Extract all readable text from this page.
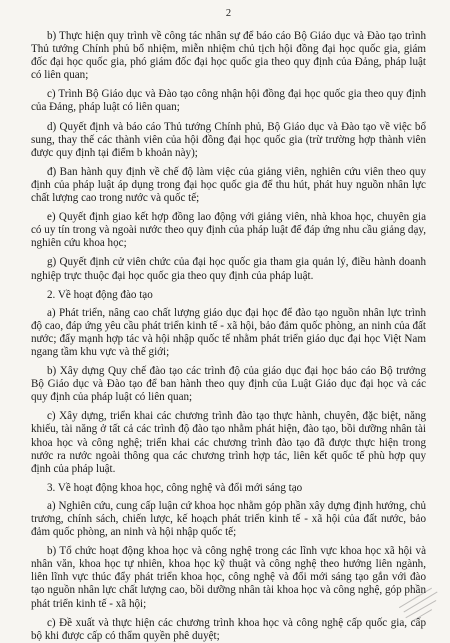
2

b) Thực hiện quy trình về công tác nhân sự để báo cáo Bộ Giáo dục và Đào tạo trình Thủ tướng Chính phủ bổ nhiệm, miễn nhiệm chủ tịch hội đồng đại học quốc gia, giám đốc đại học quốc gia, phó giám đốc đại học quốc gia theo quy định của Đảng, pháp luật có liên quan;

c) Trình Bộ Giáo dục và Đào tạo công nhận hội đồng đại học quốc gia theo quy định của Đảng, pháp luật có liên quan;

d) Quyết định và báo cáo Thủ tướng Chính phủ, Bộ Giáo dục và Đào tạo về việc bổ sung, thay thế các thành viên của hội đồng đại học quốc gia (trừ trường hợp thành viên được quy định tại điểm b khoản này);

đ) Ban hành quy định về chế độ làm việc của giảng viên, nghiên cứu viên theo quy định của pháp luật áp dụng trong đại học quốc gia để thu hút, phát huy nguồn nhân lực chất lượng cao trong nước và quốc tế;

e) Quyết định giao kết hợp đồng lao động với giảng viên, nhà khoa học, chuyên gia có uy tín trong và ngoài nước theo quy định của pháp luật để đáp ứng nhu cầu giảng dạy, nghiên cứu khoa học;

g) Quyết định cử viên chức của đại học quốc gia tham gia quản lý, điều hành doanh nghiệp trực thuộc đại học quốc gia theo quy định của pháp luật.

2. Về hoạt động đào tạo

a) Phát triển, nâng cao chất lượng giáo dục đại học để đào tạo nguồn nhân lực trình độ cao, đáp ứng yêu cầu phát triển kinh tế - xã hội, bảo đảm quốc phòng, an ninh của đất nước; đẩy mạnh hợp tác và hội nhập quốc tế nhằm phát triển giáo dục đại học Việt Nam ngang tầm khu vực và thế giới;

b) Xây dựng Quy chế đào tạo các trình độ của giáo dục đại học báo cáo Bộ trưởng Bộ Giáo dục và Đào tạo để ban hành theo quy định của Luật Giáo dục đại học và các quy định của pháp luật có liên quan;

c) Xây dựng, triển khai các chương trình đào tạo thực hành, chuyên, đặc biệt, năng khiếu, tài năng ở tất cả các trình độ đào tạo nhằm phát hiện, đào tạo, bồi dưỡng nhân tài khoa học và công nghệ; triển khai các chương trình đào tạo đã được thực hiện trong nước ra nước ngoài thông qua các chương trình hợp tác, liên kết quốc tế phù hợp quy định của pháp luật.

3. Về hoạt động khoa học, công nghệ và đổi mới sáng tạo

a) Nghiên cứu, cung cấp luận cứ khoa học nhằm góp phần xây dựng định hướng, chủ trương, chính sách, chiến lược, kế hoạch phát triển kinh tế - xã hội của đất nước, bảo đảm quốc phòng, an ninh và hội nhập quốc tế;

b) Tổ chức hoạt động khoa học và công nghệ trong các lĩnh vực khoa học xã hội và nhân văn, khoa học tự nhiên, khoa học kỹ thuật và công nghệ theo hướng liên ngành, liên lĩnh vực thúc đẩy phát triển khoa học, công nghệ và đổi mới sáng tạo gắn với đào tạo nguồn nhân lực chất lượng cao, bồi dưỡng nhân tài khoa học và công nghệ, góp phần phát triển kinh tế - xã hội;

c) Đề xuất và thực hiện các chương trình khoa học và công nghệ cấp quốc gia, cấp bộ khi được cấp có thẩm quyền phê duyệt;
